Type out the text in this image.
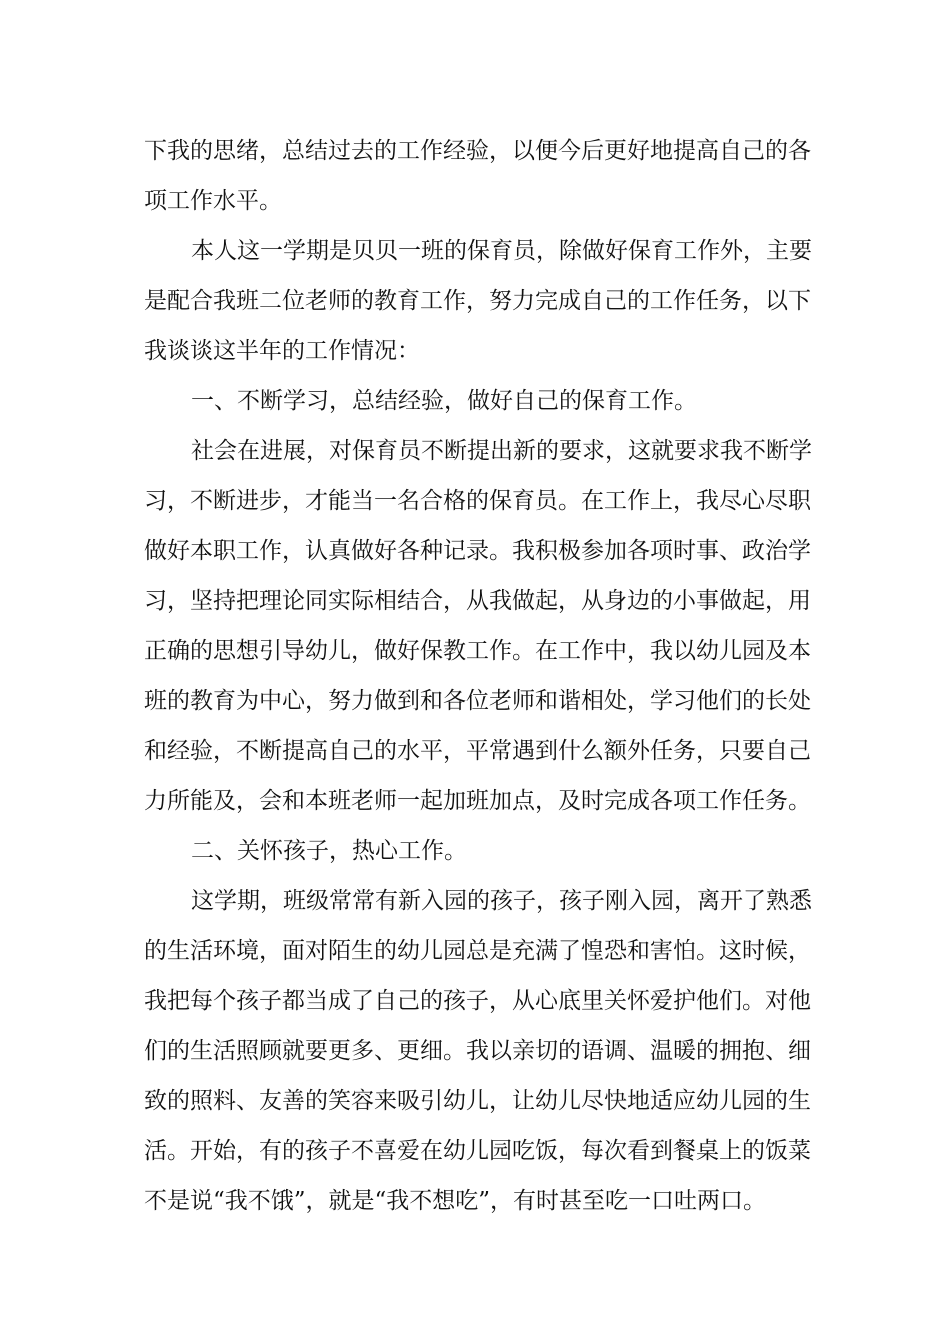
下我的思绪，总结过去的工作经验，以便今后更好地提高自己的各
项工作水平。
本人这一学期是贝贝一班的保育员，除做好保育工作外，主要
是配合我班二位老师的教育工作，努力完成自己的工作任务，以下
我谈谈这半年的工作情况：
一、不断学习，总结经验，做好自己的保育工作。
社会在进展，对保育员不断提出新的要求，这就要求我不断学
习，不断进步，才能当一名合格的保育员。在工作上，我尽心尽职
做好本职工作，认真做好各种记录。我积极参加各项时事、政治学
习，坚持把理论同实际相结合，从我做起，从身边的小事做起，用
正确的思想引导幼儿，做好保教工作。在工作中，我以幼儿园及本
班的教育为中心，努力做到和各位老师和谐相处，学习他们的长处
和经验，不断提高自己的水平，平常遇到什么额外任务，只要自己
力所能及，会和本班老师一起加班加点，及时完成各项工作任务。
二、关怀孩子，热心工作。
这学期，班级常常有新入园的孩子，孩子刚入园，离开了熟悉
的生活环境，面对陌生的幼儿园总是充满了惶恐和害怕。这时候，
我把每个孩子都当成了自己的孩子，从心底里关怀爱护他们。对他
们的生活照顾就要更多、更细。我以亲切的语调、温暖的拥抱、细
致的照料、友善的笑容来吸引幼儿，让幼儿尽快地适应幼儿园的生
活。开始，有的孩子不喜爱在幼儿园吃饭，每次看到餐桌上的饭菜
不是说“我不饿”，就是“我不想吃”，有时甚至吃一口吐两口。
